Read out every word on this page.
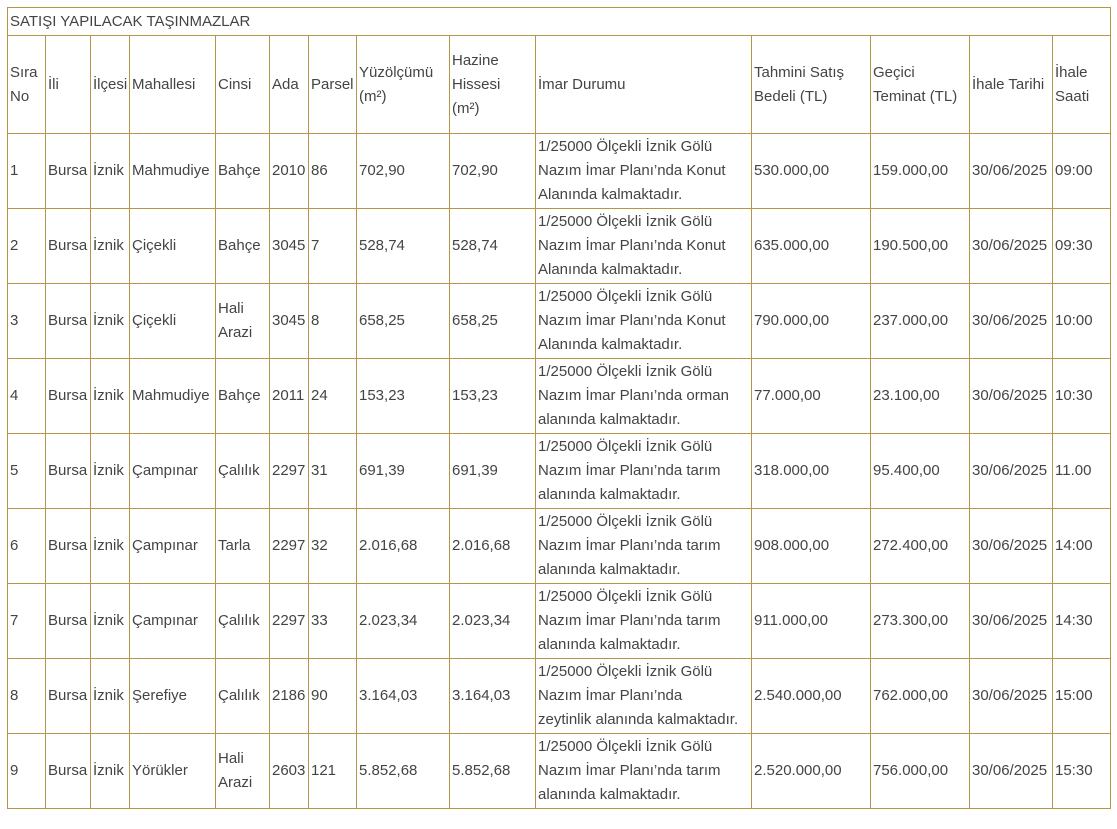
SATIŞI YAPILACAK TAŞINMAZLAR													
Sıra
No	İli	İlçesi	Mahallesi	Cinsi	Ada	Parsel	Yüzölçümü
(m²)	Hazine
Hissesi
(m²)	İmar Durumu	Tahmini Satış
Bedeli (TL)	Geçici
Teminat (TL)	İhale Tarihi	İhale
Saati
1	Bursa	İznik	Mahmudiye	Bahçe	2010	86	702,90	702,90	1/25000 Ölçekli İznik Gölü
Nazım İmar Planı’nda Konut
Alanında kalmaktadır.	530.000,00	159.000,00	30/06/2025	09:00
2	Bursa	İznik	Çiçekli	Bahçe	3045	7	528,74	528,74	1/25000 Ölçekli İznik Gölü
Nazım İmar Planı’nda Konut
Alanında kalmaktadır.	635.000,00	190.500,00	30/06/2025	09:30
3	Bursa	İznik	Çiçekli	Hali
Arazi	3045	8	658,25	658,25	1/25000 Ölçekli İznik Gölü
Nazım İmar Planı’nda Konut
Alanında kalmaktadır.	790.000,00	237.000,00	30/06/2025	10:00
4	Bursa	İznik	Mahmudiye	Bahçe	2011	24	153,23	153,23	1/25000 Ölçekli İznik Gölü
Nazım İmar Planı’nda orman
alanında kalmaktadır.	77.000,00	23.100,00	30/06/2025	10:30
5	Bursa	İznik	Çampınar	Çalılık	2297	31	691,39	691,39	1/25000 Ölçekli İznik Gölü
Nazım İmar Planı’nda tarım
alanında kalmaktadır.	318.000,00	95.400,00	30/06/2025	11.00
6	Bursa	İznik	Çampınar	Tarla	2297	32	2.016,68	2.016,68	1/25000 Ölçekli İznik Gölü
Nazım İmar Planı’nda tarım
alanında kalmaktadır.	908.000,00	272.400,00	30/06/2025	14:00
7	Bursa	İznik	Çampınar	Çalılık	2297	33	2.023,34	2.023,34	1/25000 Ölçekli İznik Gölü
Nazım İmar Planı’nda tarım
alanında kalmaktadır.	911.000,00	273.300,00	30/06/2025	14:30
8	Bursa	İznik	Şerefiye	Çalılık	2186	90	3.164,03	3.164,03	1/25000 Ölçekli İznik Gölü
Nazım İmar Planı’nda
zeytinlik alanında kalmaktadır.	2.540.000,00	762.000,00	30/06/2025	15:00
9	Bursa	İznik	Yörükler	Hali
Arazi	2603	121	5.852,68	5.852,68	1/25000 Ölçekli İznik Gölü
Nazım İmar Planı’nda tarım
alanında kalmaktadır.	2.520.000,00	756.000,00	30/06/2025	15:30
